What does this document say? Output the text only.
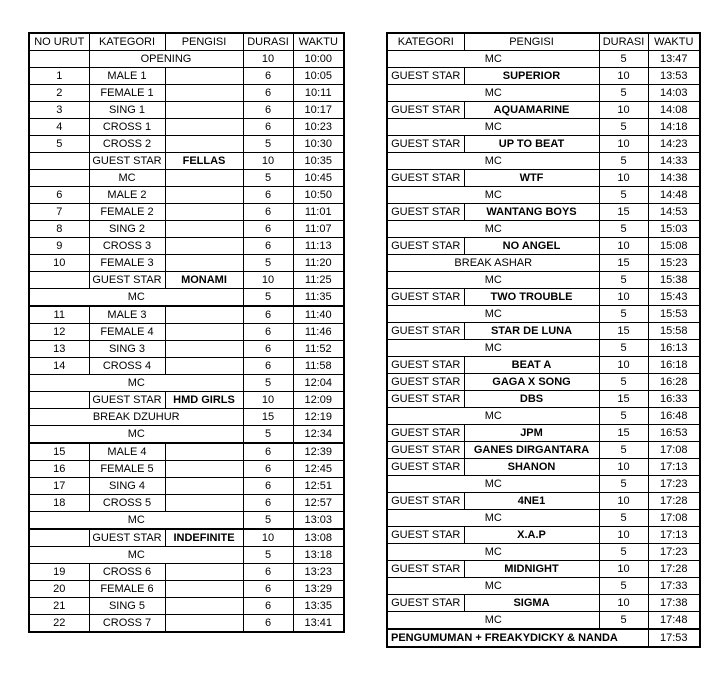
NO URUT	KATEGORI	PENGISI	DURASI	WAKTU
	OPENING		10	10:00
1	MALE 1		6	10:05
2	FEMALE 1		6	10:11
3	SING 1		6	10:17
4	CROSS 1		6	10:23
5	CROSS 2		5	10:30
	GUEST STAR	FELLAS	10	10:35
	MC		5	10:45
6	MALE 2		6	10:50
7	FEMALE 2		6	11:01
8	SING 2		6	11:07
9	CROSS 3		6	11:13
10	FEMALE 3		5	11:20
	GUEST STAR	MONAMI	10	11:25
MC			5	11:35
11	MALE 3		6	11:40
12	FEMALE 4		6	11:46
13	SING 3		6	11:52
14	CROSS 4		6	11:58
MC			5	12:04
	GUEST STAR	HMD GIRLS	10	12:09
BREAK DZUHUR			15	12:19
MC			5	12:34
15	MALE 4		6	12:39
16	FEMALE 5		6	12:45
17	SING 4		6	12:51
18	CROSS 5		6	12:57
MC			5	13:03
	GUEST STAR	INDEFINITE	10	13:08
MC			5	13:18
19	CROSS 6		6	13:23
20	FEMALE 6		6	13:29
21	SING 5		6	13:35
22	CROSS 7		6	13:41
KATEGORI	PENGISI	DURASI	WAKTU
MC		5	13:47
GUEST STAR	SUPERIOR	10	13:53
MC		5	14:03
GUEST STAR	AQUAMARINE	10	14:08
MC		5	14:18
GUEST STAR	UP TO BEAT	10	14:23
MC		5	14:33
GUEST STAR	WTF	10	14:38
MC		5	14:48
GUEST STAR	WANTANG BOYS	15	14:53
MC		5	15:03
GUEST STAR	NO ANGEL	10	15:08
BREAK ASHAR		15	15:23
MC		5	15:38
GUEST STAR	TWO TROUBLE	10	15:43
MC		5	15:53
GUEST STAR	STAR DE LUNA	15	15:58
MC		5	16:13
GUEST STAR	BEAT A	10	16:18
GUEST STAR	GAGA X SONG	5	16:28
GUEST STAR	DBS	15	16:33
MC		5	16:48
GUEST STAR	JPM	15	16:53
GUEST STAR	GANES DIRGANTARA	5	17:08
GUEST STAR	SHANON	10	17:13
MC		5	17:23
GUEST STAR	4NE1	10	17:28
MC		5	17:08
GUEST STAR	X.A.P	10	17:13
MC		5	17:23
GUEST STAR	MIDNIGHT	10	17:28
MC		5	17:33
GUEST STAR	SIGMA	10	17:38
MC		5	17:48
PENGUMUMAN + FREAKYDICKY & NANDA			17:53
